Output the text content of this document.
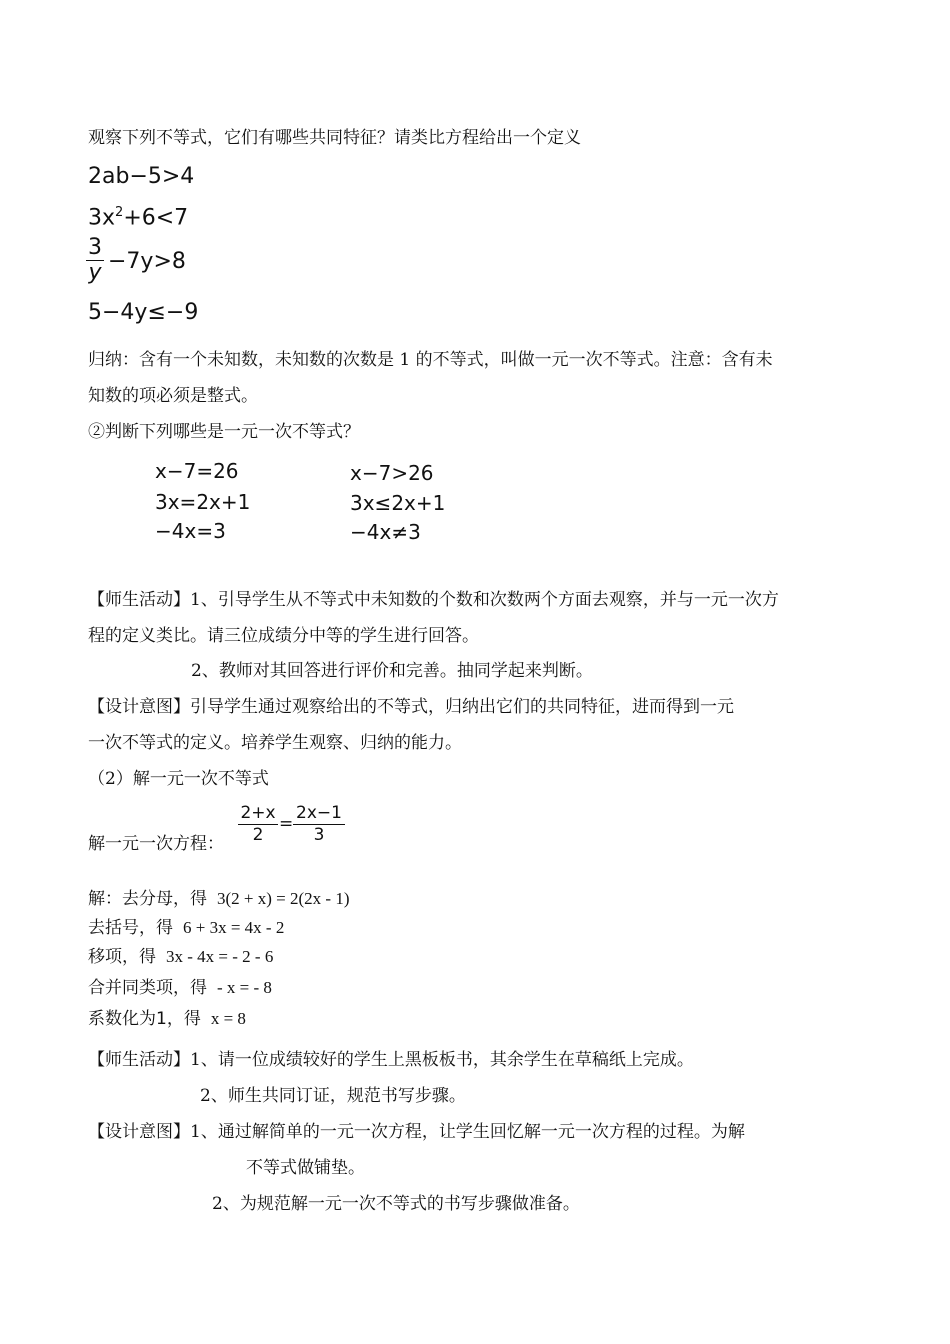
观察下列不等式，它们有哪些共同特征？请类比方程给出一个定义
2ab−5>4
$3x^2+6<7$
3
y −7y>8
5−4y≤−9
归纳：含有一个未知数，未知数的次数是 1 的不等式，叫做一元一次不等式。注意：含有未
知数的项必须是整式。
②判断下列哪些是一元一次不等式？
x−7=26
3x=2x+1
−4x=3
x−7>26
3x≤2x+1
−4x≠3
【师生活动】1、引导学生从不等式中未知数的个数和次数两个方面去观察，并与一元一次方
程的定义类比。请三位成绩分中等的学生进行回答。
2、教师对其回答进行评价和完善。抽同学起来判断。
【设计意图】引导学生通过观察给出的不等式，归纳出它们的共同特征，进而得到一元
一次不等式的定义。培养学生观察、归纳的能力。
（2）解一元一次不等式
解一元一次方程：
2+x
2
=
2x−1
3
解：去分母，得 3(2 + x) = 2(2x - 1)
去括号，得 6 + 3x = 4x - 2
移项，得 3x - 4x = - 2 - 6
合并同类项，得 - x = - 8
系数化为1，得 x = 8
【师生活动】1、请一位成绩较好的学生上黑板板书，其余学生在草稿纸上完成。
2、师生共同订证，规范书写步骤。
【设计意图】1、通过解简单的一元一次方程，让学生回忆解一元一次方程的过程。为解
不等式做铺垫。
2、为规范解一元一次不等式的书写步骤做准备。
